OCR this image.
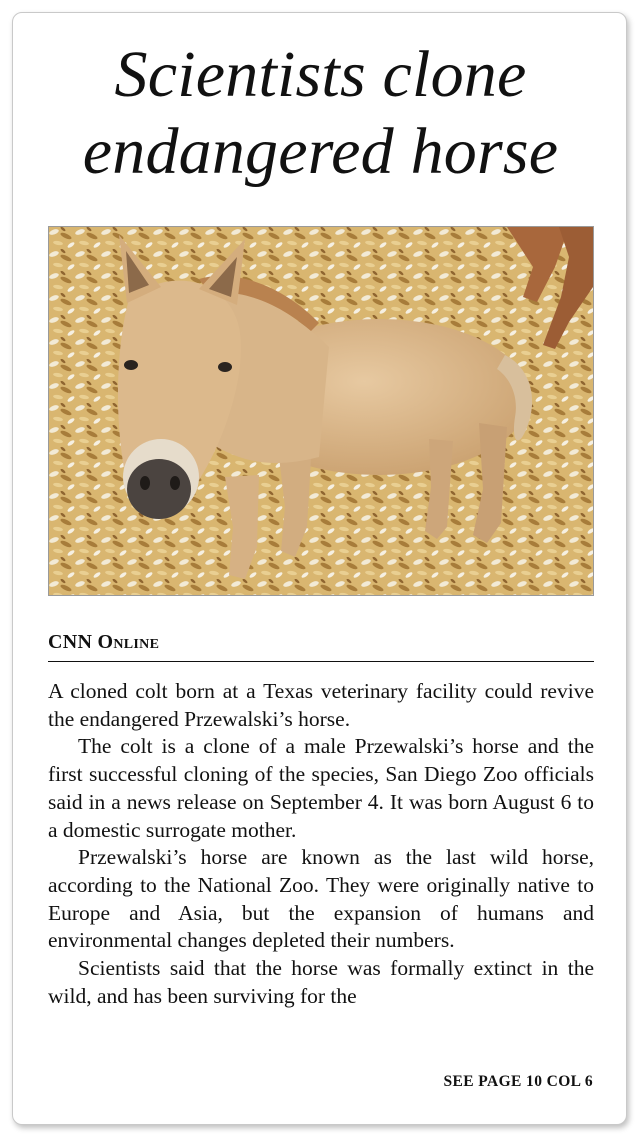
Scientists clone
endangered horse
CNN Online

A cloned colt born at a Texas veterinary facility could revive the endangered Przewalski’s horse.

The colt is a clone of a male Przewalski’s horse and the first successful cloning of the species, San Diego Zoo officials said in a news release on September 4. It was born August 6 to a domestic surrogate mother.

Przewalski’s horse are known as the last wild horse, according to the National Zoo. They were originally native to Europe and Asia, but the expansion of humans and environmental changes depleted their numbers.

Scientists said that the horse was formally extinct in the wild, and has been surviving for the

SEE PAGE 10 COL 6
